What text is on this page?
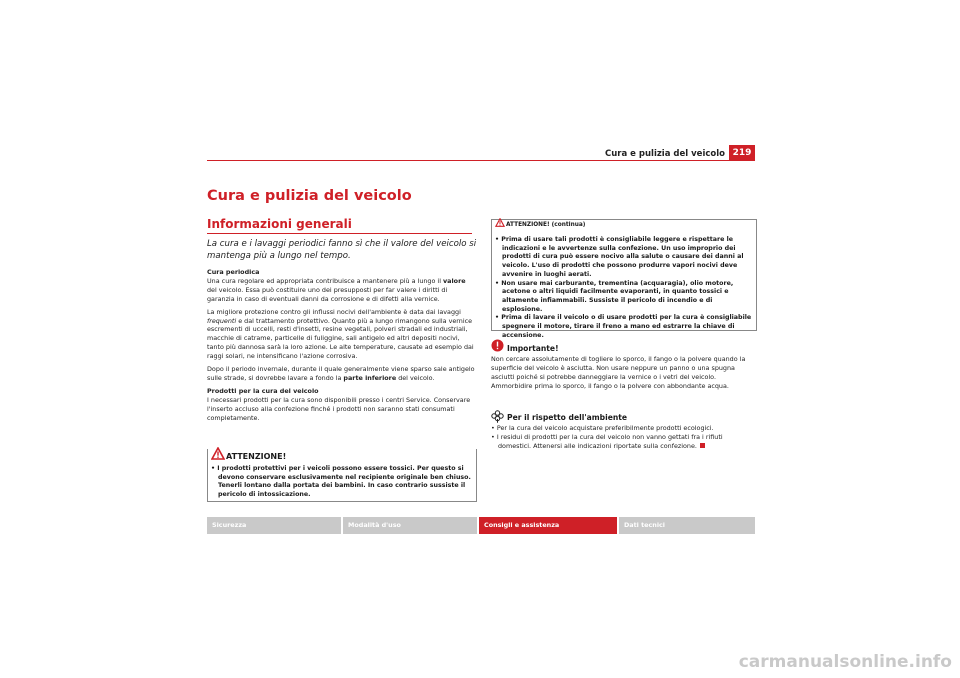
Cura e pulizia del veicolo 219
Cura e pulizia del veicolo
Informazioni generali
La cura e i lavaggi periodici fanno sì che il valore del veicolo si mantenga più a lungo nel tempo.

Cura periodica

Una cura regolare ed appropriata contribuisce a mantenere più a lungo il valore del veicolo. Essa può costituire uno dei presupposti per far valere i diritti di garanzia in caso di eventuali danni da corrosione e di difetti alla vernice.

La migliore protezione contro gli influssi nocivi dell'ambiente è data dai lavaggi frequenti e dal trattamento protettivo. Quanto più a lungo rimangono sulla vernice escrementi di uccelli, resti d'insetti, resine vegetali, polveri stradali ed industriali, macchie di catrame, particelle di fuliggine, sali antigelo ed altri depositi nocivi, tanto più dannosa sarà la loro azione. Le alte temperature, causate ad esempio dai raggi solari, ne intensificano l'azione corrosiva.

Dopo il periodo invernale, durante il quale generalmente viene sparso sale antigelo sulle strade, si dovrebbe lavare a fondo la parte inferiore del veicolo.

Prodotti per la cura del veicolo

I necessari prodotti per la cura sono disponibili presso i centri Service. Conservare l'inserto accluso alla confezione finché i prodotti non saranno stati consumati completamente.

ATTENZIONE!
• I prodotti protettivi per i veicoli possono essere tossici. Per questo si devono conservare esclusivamente nel recipiente originale ben chiuso. Tenerli lontano dalla portata dei bambini. In caso contrario sussiste il pericolo di intossicazione.
ATTENZIONE! (continua)
• Prima di usare tali prodotti è consigliabile leggere e rispettare le indicazioni e le avvertenze sulla confezione. Un uso improprio dei prodotti di cura può essere nocivo alla salute o causare dei danni al veicolo. L'uso di prodotti che possono produrre vapori nocivi deve avvenire in luoghi aerati.
• Non usare mai carburante, trementina (acquaragia), olio motore, acetone o altri liquidi facilmente evaporanti, in quanto tossici e altamente infiammabili. Sussiste il pericolo di incendio e di esplosione.
• Prima di lavare il veicolo o di usare prodotti per la cura è consigliabile spegnere il motore, tirare il freno a mano ed estrarre la chiave di accensione.
Importante!
Non cercare assolutamente di togliere lo sporco, il fango o la polvere quando la superficie del veicolo è asciutta. Non usare neppure un panno o una spugna asciutti poiché si potrebbe danneggiare la vernice o i vetri del veicolo. Ammorbidire prima lo sporco, il fango o la polvere con abbondante acqua.
Per il rispetto dell'ambiente
• Per la cura del veicolo acquistare preferibilmente prodotti ecologici.
• I residui di prodotti per la cura del veicolo non vanno gettati fra i rifiuti domestici. Attenersi alle indicazioni riportate sulla confezione.
Sicurezza	Modalità d'uso	Consigli e assistenza	Dati tecnici
carmanualsonline.info
